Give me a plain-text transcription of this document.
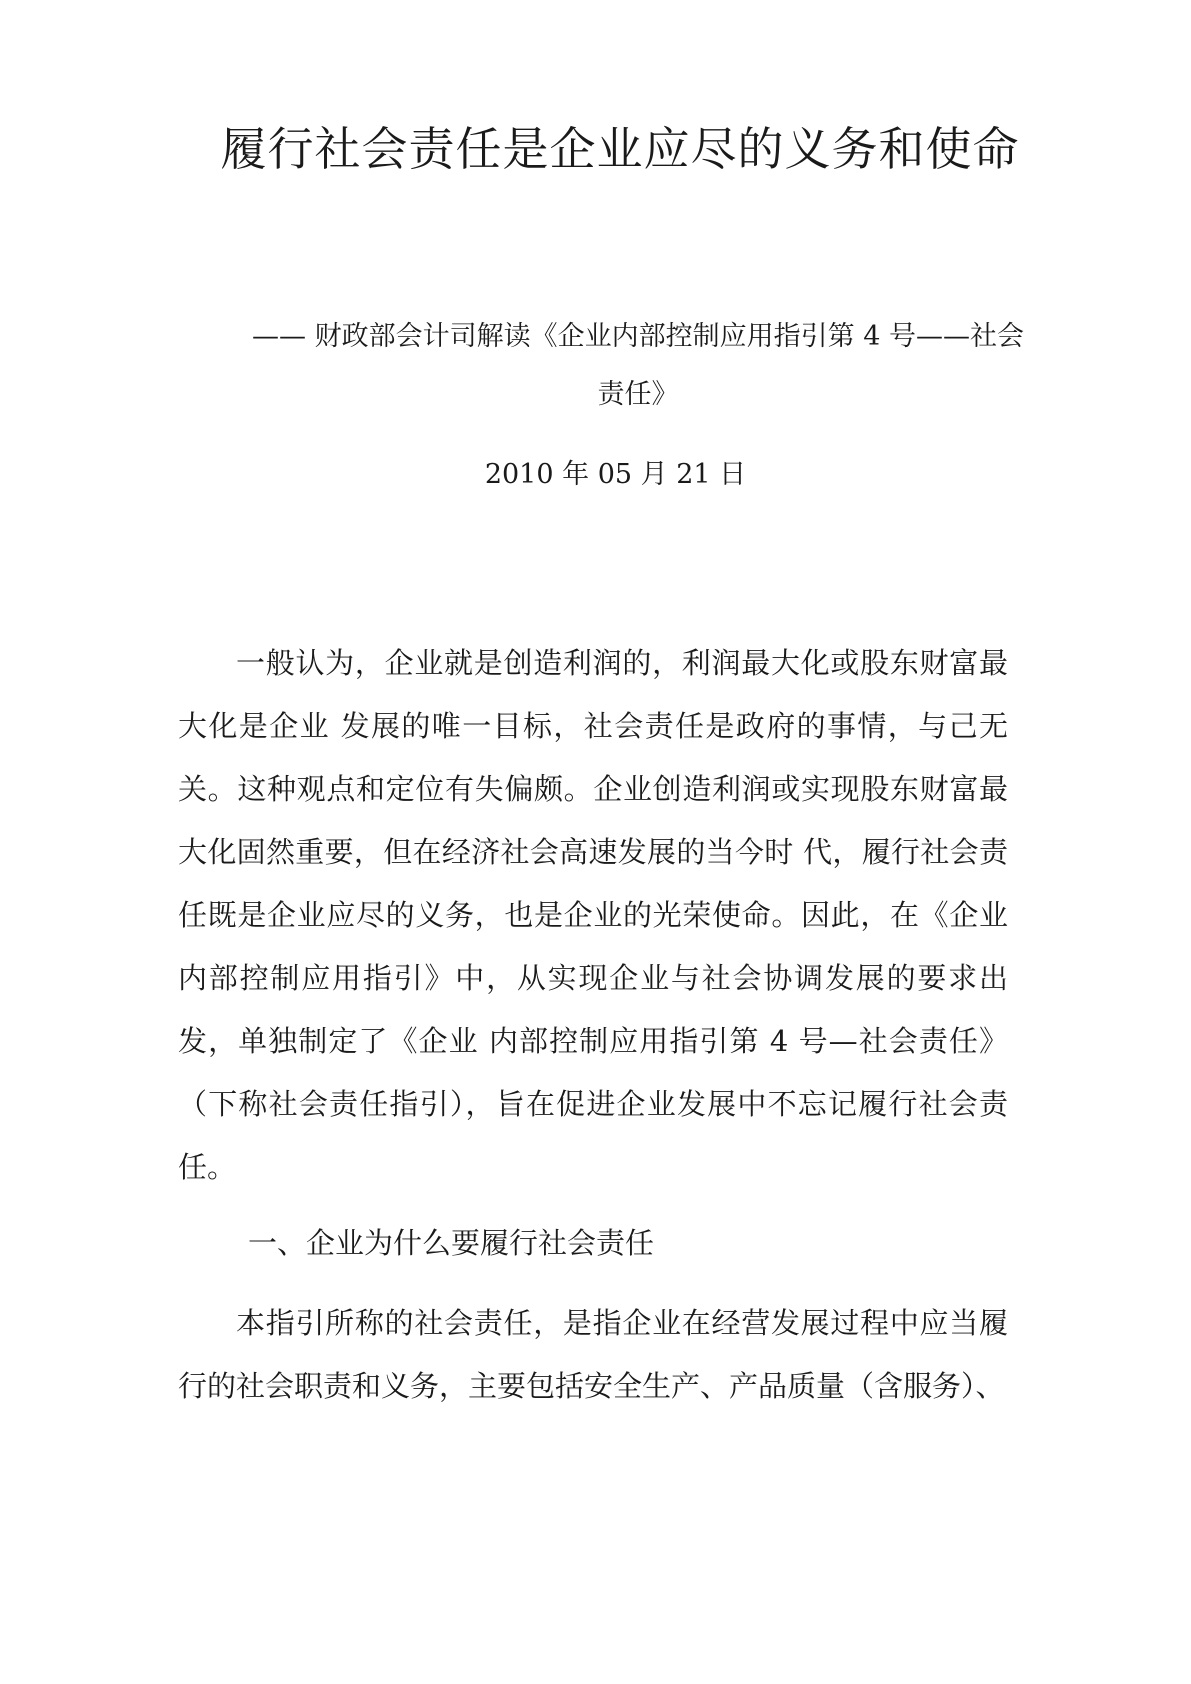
履行社会责任是企业应尽的义务和使命

—— 财政部会计司解读《企业内部控制应用指引第 4 号——社会责任》

2010 年 05 月 21 日

一般认为，企业就是创造利润的，利润最大化或股东财富最大化是企业 发展的唯一目标，社会责任是政府的事情，与己无关。这种观点和定位有失偏颇。企业创造利润或实现股东财富最大化固然重要，但在经济社会高速发展的当今时 代，履行社会责任既是企业应尽的义务，也是企业的光荣使命。因此，在《企业内部控制应用指引》中，从实现企业与社会协调发展的要求出发，单独制定了《企业 内部控制应用指引第 4 号—社会责任》（下称社会责任指引），旨在促进企业发展中不忘记履行社会责任。

一、企业为什么要履行社会责任

本指引所称的社会责任，是指企业在经营发展过程中应当履行的社会职责和义务，主要包括安全生产、产品质量（含服务）、
